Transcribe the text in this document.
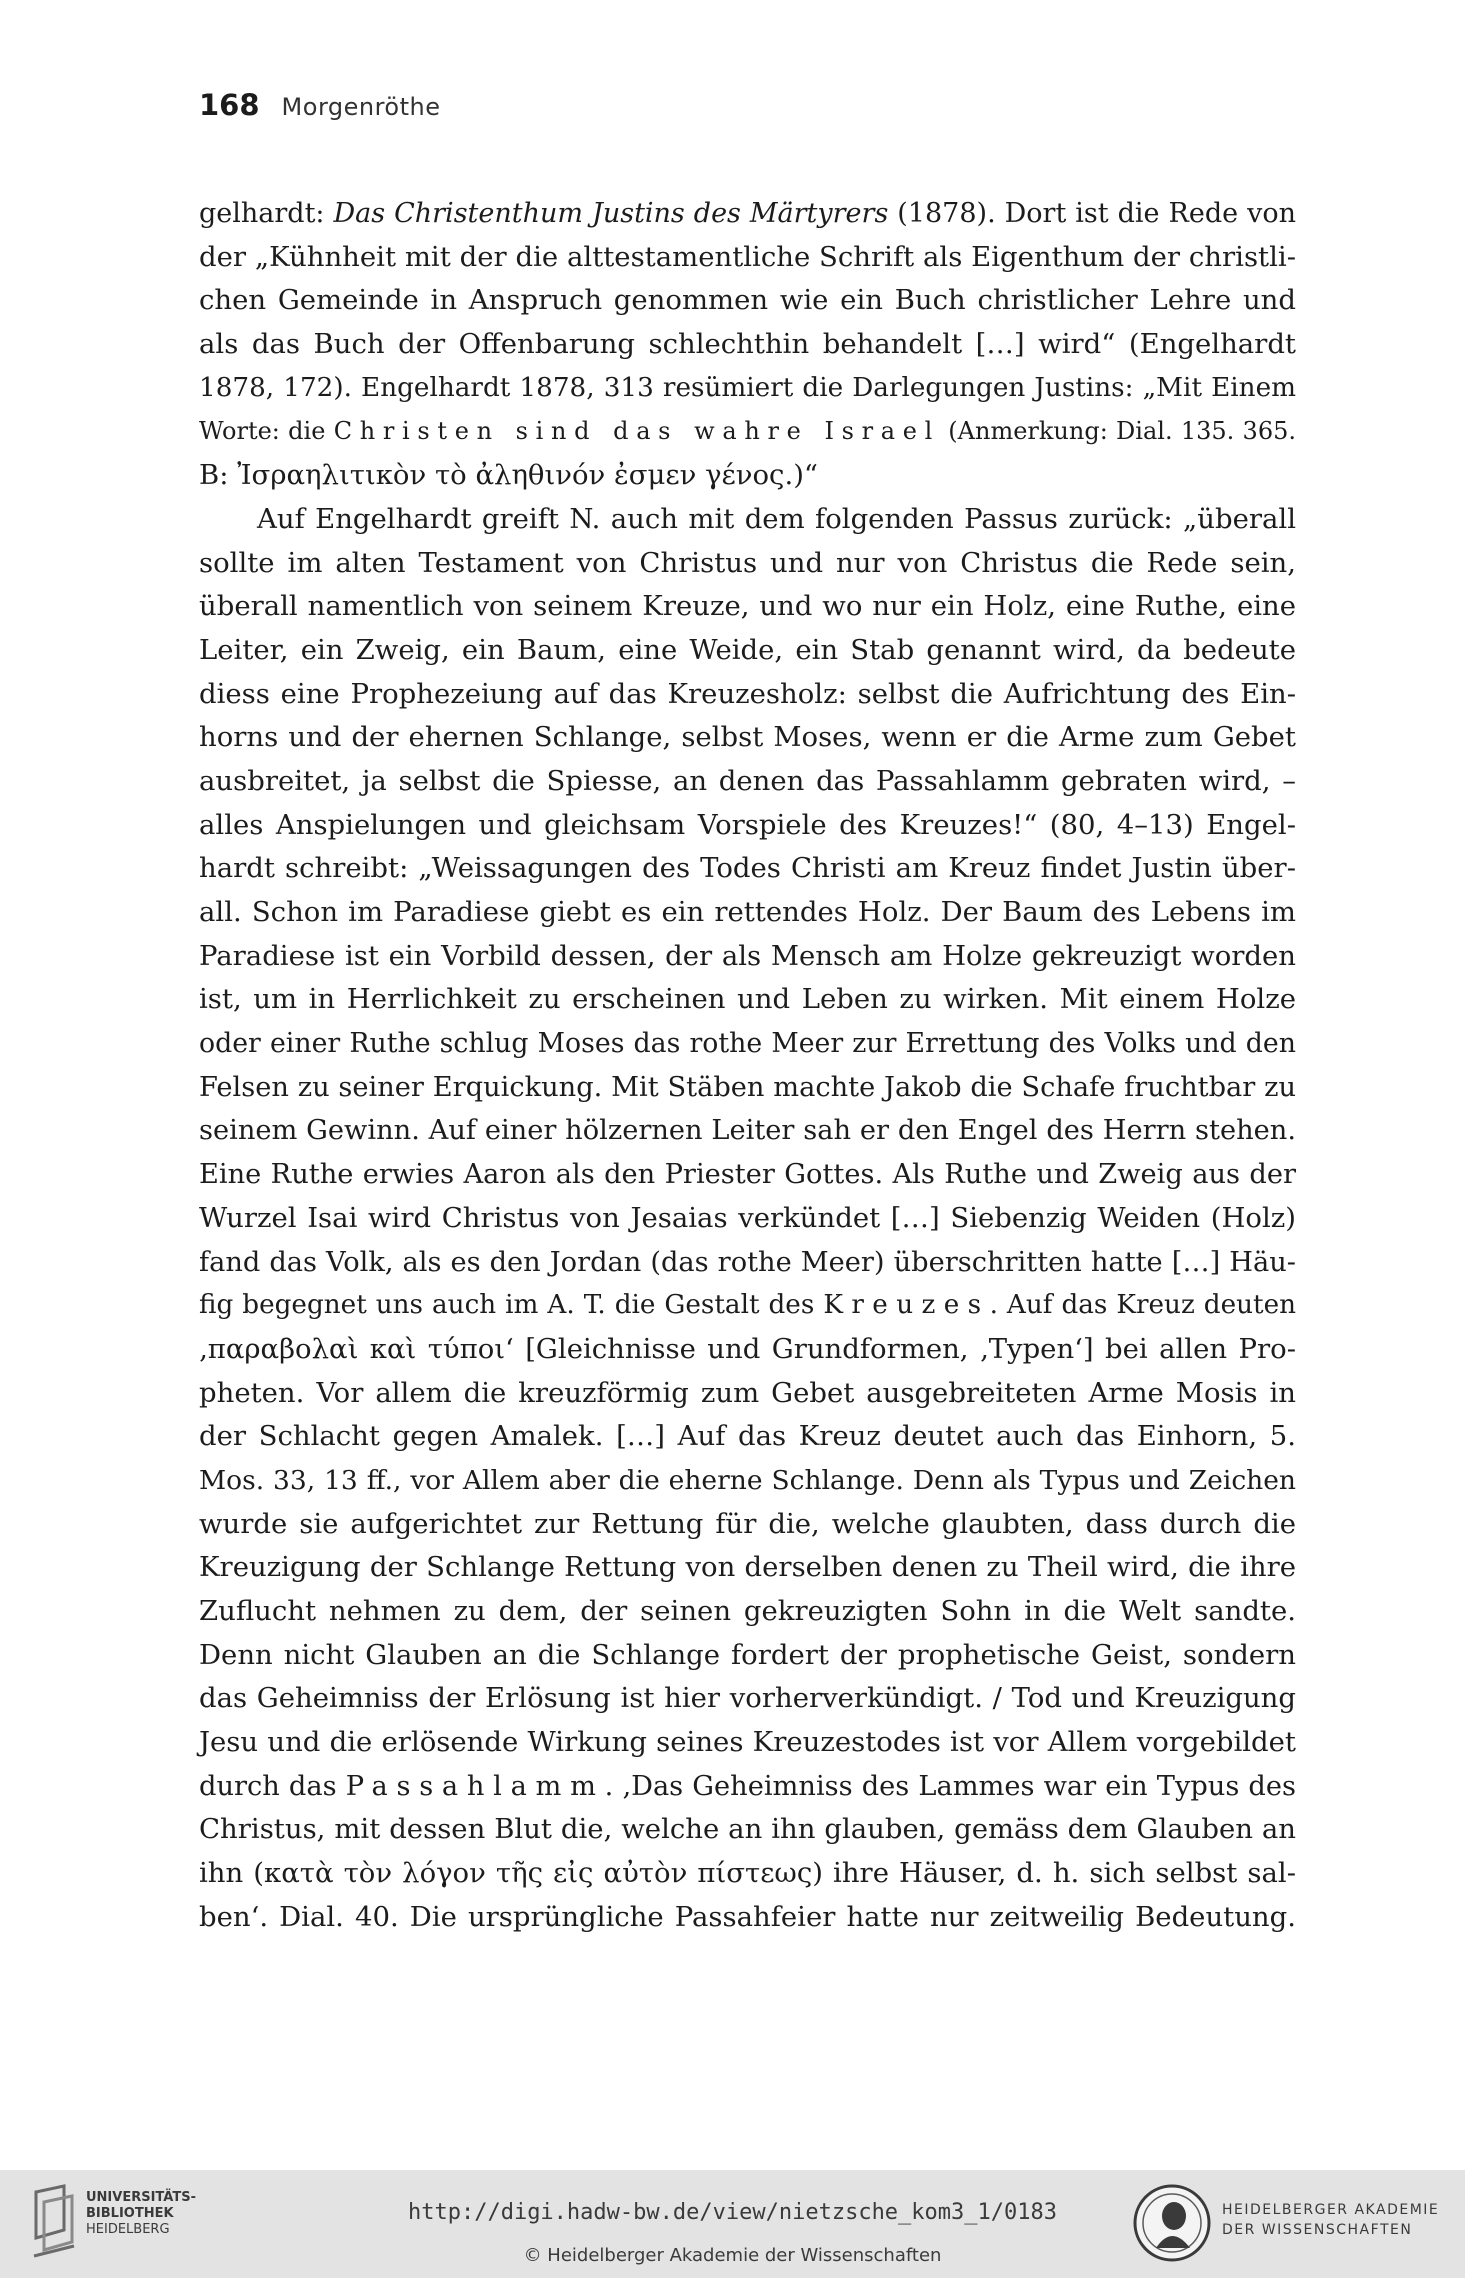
168 Morgenröthe
gelhardt: Das Christenthum Justins des Märtyrers (1878). Dort ist die Rede von
der „Kühnheit mit der die alttestamentliche Schrift als Eigenthum der christli-
chen Gemeinde in Anspruch genommen wie ein Buch christlicher Lehre und
als das Buch der Offenbarung schlechthin behandelt […] wird“ (Engelhardt
1878, 172). Engelhardt 1878, 313 resümiert die Darlegungen Justins: „Mit Einem
Worte: die Christen sind das wahre Israel (Anmerkung: Dial. 135. 365.
B: Ἰσραηλιτικὸν τὸ ἀληθινόν ἐσμεν γένος.)“
Auf Engelhardt greift N. auch mit dem folgenden Passus zurück: „überall
sollte im alten Testament von Christus und nur von Christus die Rede sein,
überall namentlich von seinem Kreuze, und wo nur ein Holz, eine Ruthe, eine
Leiter, ein Zweig, ein Baum, eine Weide, ein Stab genannt wird, da bedeute
diess eine Prophezeiung auf das Kreuzesholz: selbst die Aufrichtung des Ein-
horns und der ehernen Schlange, selbst Moses, wenn er die Arme zum Gebet
ausbreitet, ja selbst die Spiesse, an denen das Passahlamm gebraten wird, –
alles Anspielungen und gleichsam Vorspiele des Kreuzes!“ (80, 4–13) Engel-
hardt schreibt: „Weissagungen des Todes Christi am Kreuz findet Justin über-
all. Schon im Paradiese giebt es ein rettendes Holz. Der Baum des Lebens im
Paradiese ist ein Vorbild dessen, der als Mensch am Holze gekreuzigt worden
ist, um in Herrlichkeit zu erscheinen und Leben zu wirken. Mit einem Holze
oder einer Ruthe schlug Moses das rothe Meer zur Errettung des Volks und den
Felsen zu seiner Erquickung. Mit Stäben machte Jakob die Schafe fruchtbar zu
seinem Gewinn. Auf einer hölzernen Leiter sah er den Engel des Herrn stehen.
Eine Ruthe erwies Aaron als den Priester Gottes. Als Ruthe und Zweig aus der
Wurzel Isai wird Christus von Jesaias verkündet […] Siebenzig Weiden (Holz)
fand das Volk, als es den Jordan (das rothe Meer) überschritten hatte […] Häu-
fig begegnet uns auch im A. T. die Gestalt des Kreuzes. Auf das Kreuz deuten
‚παραβολαὶ καὶ τύποι‘ [Gleichnisse und Grundformen, ‚Typen‘] bei allen Pro-
pheten. Vor allem die kreuzförmig zum Gebet ausgebreiteten Arme Mosis in
der Schlacht gegen Amalek. […] Auf das Kreuz deutet auch das Einhorn, 5.
Mos. 33, 13 ff., vor Allem aber die eherne Schlange. Denn als Typus und Zeichen
wurde sie aufgerichtet zur Rettung für die, welche glaubten, dass durch die
Kreuzigung der Schlange Rettung von derselben denen zu Theil wird, die ihre
Zuflucht nehmen zu dem, der seinen gekreuzigten Sohn in die Welt sandte.
Denn nicht Glauben an die Schlange fordert der prophetische Geist, sondern
das Geheimniss der Erlösung ist hier vorherverkündigt. / Tod und Kreuzigung
Jesu und die erlösende Wirkung seines Kreuzestodes ist vor Allem vorgebildet
durch das Passahlamm. ‚Das Geheimniss des Lammes war ein Typus des
Christus, mit dessen Blut die, welche an ihn glauben, gemäss dem Glauben an
ihn (κατὰ τὸν λόγον τῆς εἰς αὐτὸν πίστεως) ihre Häuser, d. h. sich selbst sal-
ben‘. Dial. 40. Die ursprüngliche Passahfeier hatte nur zeitweilig Bedeutung.
UNIVERSITÄTS-
BIBLIOTHEK
HEIDELBERG
http://digi.hadw-bw.de/view/nietzsche_kom3_1/0183
© Heidelberger Akademie der Wissenschaften
HEIDELBERGER AKADEMIE
DER WISSENSCHAFTEN
